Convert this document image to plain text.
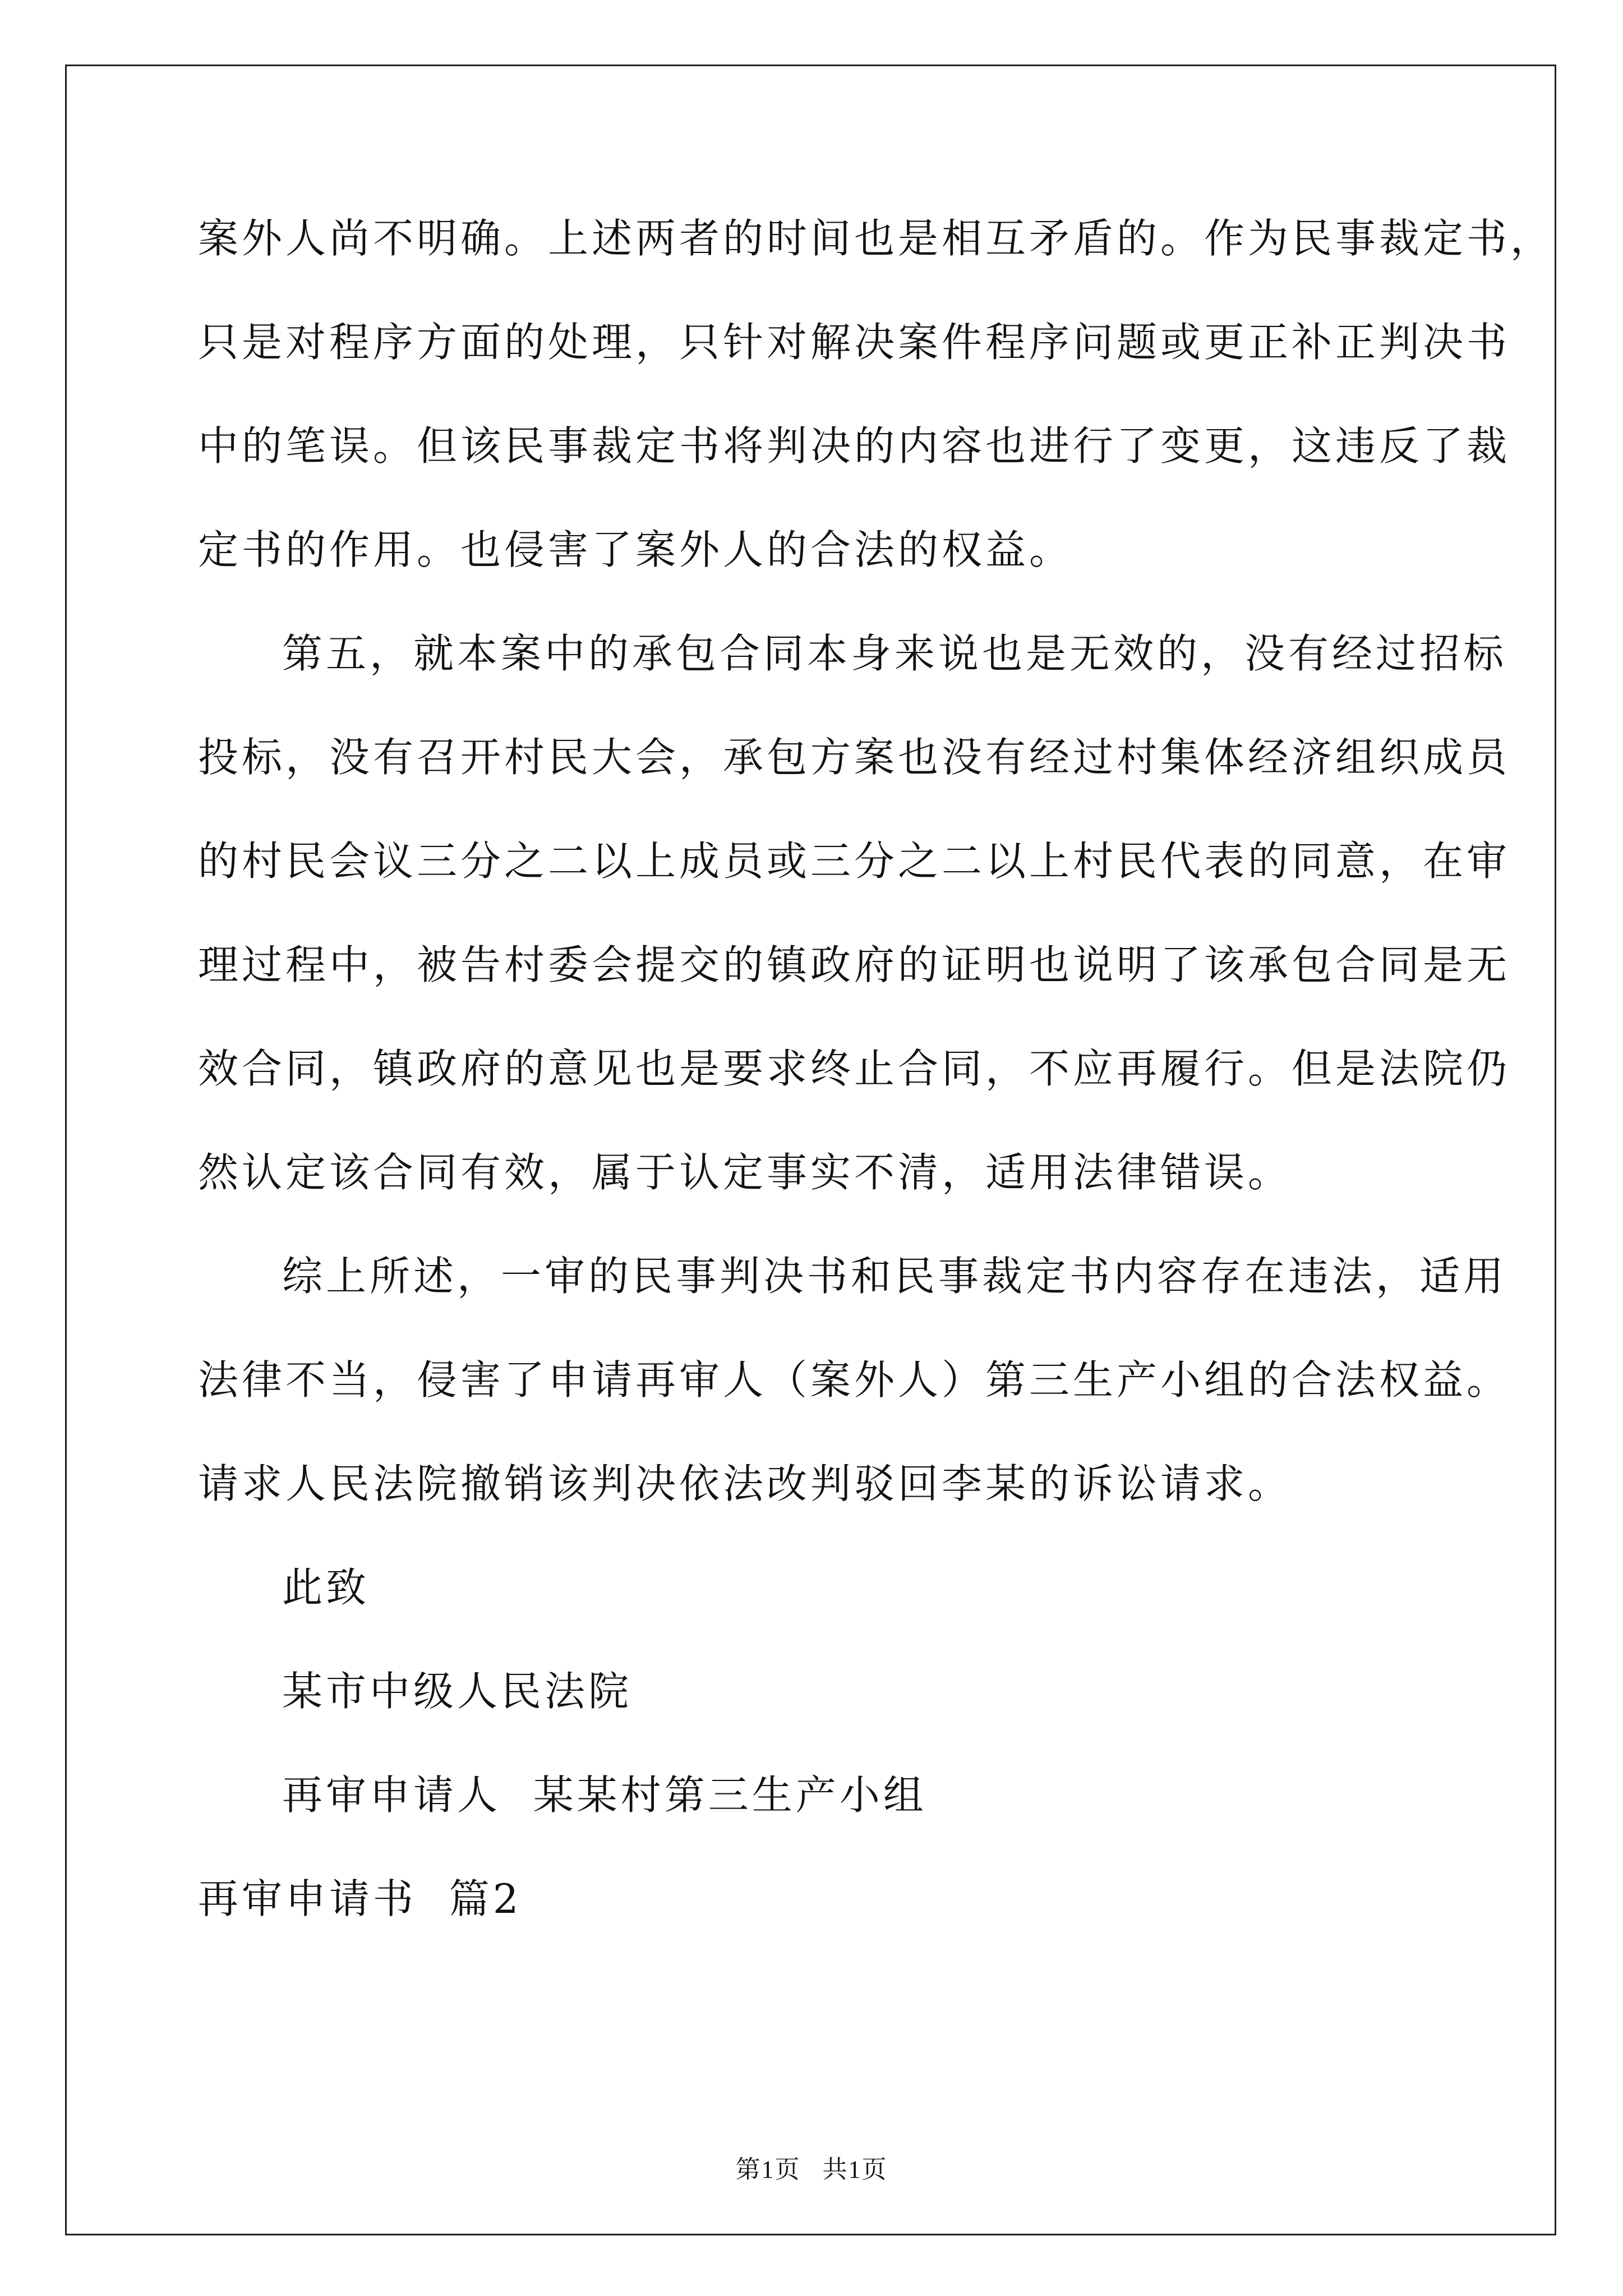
案外人尚不明确。上述两者的时间也是相互矛盾的。作为民事裁定书，
只是对程序方面的处理，只针对解决案件程序问题或更正补正判决书
中的笔误。但该民事裁定书将判决的内容也进行了变更，这违反了裁
定书的作用。也侵害了案外人的合法的权益。
第五，就本案中的承包合同本身来说也是无效的，没有经过招标
投标，没有召开村民大会，承包方案也没有经过村集体经济组织成员
的村民会议三分之二以上成员或三分之二以上村民代表的同意，在审
理过程中，被告村委会提交的镇政府的证明也说明了该承包合同是无
效合同，镇政府的意见也是要求终止合同，不应再履行。但是法院仍
然认定该合同有效，属于认定事实不清，适用法律错误。
综上所述，一审的民事判决书和民事裁定书内容存在违法，适用
法律不当，侵害了申请再审人（案外人）第三生产小组的合法权益。
请求人民法院撤销该判决依法改判驳回李某的诉讼请求。
此致
某市中级人民法院
再审申请人  某某村第三生产小组
再审申请书  篇2
第1页   共1页
